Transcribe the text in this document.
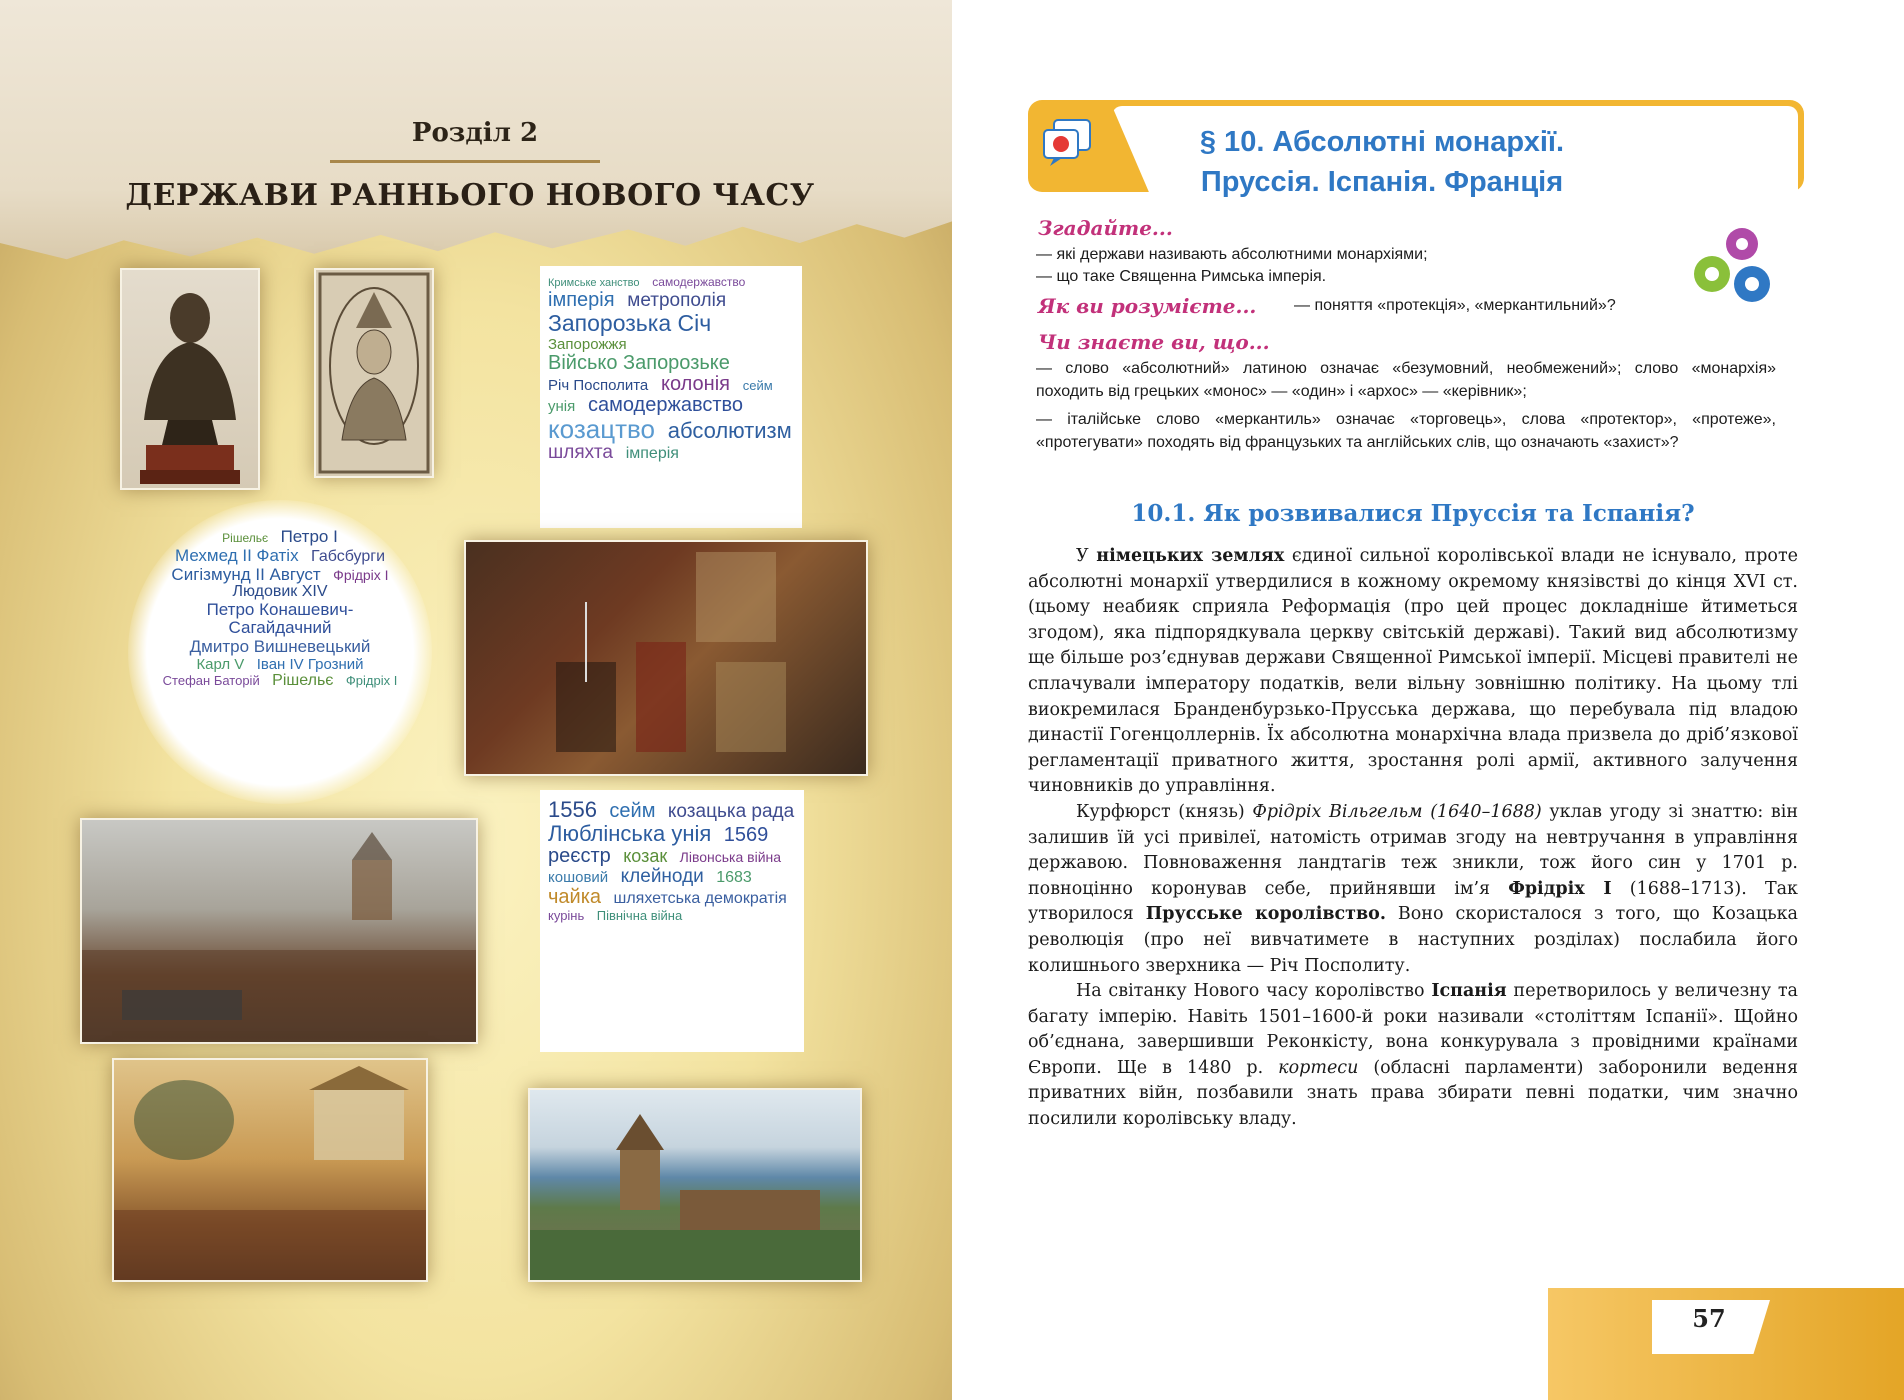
Розділ 2
ДЕРЖАВИ РАННЬОГО НОВОГО ЧАСУ
Кримське ханство самодержавство імперія метрополія Запорозька Січ Запорожжя Військо Запорозьке Річ Посполита колонія сейм унія самодержавство козацтво абсолютизм шляхта імперія
Рішельє Петро І Мехмед II Фатіх Габсбурги Сигізмунд II Август Фрідріх І Людовик XIV Петро Конашевич-Сагайдачний Дмитро Вишневецький Карл V Іван IV Грозний Стефан Баторій Рішельє Фрідріх І
1556 сейм козацька рада Люблінська унія 1569 реєстр козак Лівонська війна кошовий клейноди 1683 чайка шляхетська демократія курінь Північна війна
§ 10. Абсолютні монархії.
Пруссія. Іспанія. Франція
Згадайте...
— які держави називають абсолютними монархіями;
— що таке Священна Римська імперія.
Як ви розумієте... — поняття «протекція», «меркантильний»?
Чи знаєте ви, що...
— слово «абсолютний» латиною означає «безумовний, необмежений»; слово «монархія» походить від грецьких «монос» — «один» і «архос» — «керівник»;
— італійське слово «меркантиль» означає «торговець», слова «протектор», «протеже», «протегувати» походять від французьких та англійських слів, що означають «захист»?
10.1. Як розвивалися Пруссія та Іспанія?

У німецьких землях єдиної сильної королівської влади не існувало, проте абсолютні монархії утвердилися в кожному окремому князівстві до кінця XVI ст. (цьому неабияк сприяла Реформація (про цей процес докладніше йтиметься згодом), яка підпорядкувала церкву світській державі). Такий вид абсолютизму ще більше роз’єднував держави Священної Римської імперії. Місцеві правителі не сплачували імператору податків, вели вільну зовнішню політику. На цьому тлі виокремилася Бранденбурзько-Прусська держава, що перебувала під владою династії Гогенцоллернів. Їх абсолютна монархічна влада призвела до дріб’язкової регламентації приватного життя, зростання ролі армії, активного залучення чиновників до управління.

Курфюрст (князь) Фрідріх Вільгельм (1640–1688) уклав угоду зі знаттю: він залишив їй усі привілеї, натомість отримав згоду на невтручання в управління державою. Повноваження ландтагів теж зникли, тож його син у 1701 р. повноцінно коронував себе, прийнявши ім’я Фрідріх І (1688–1713). Так утворилося Прусське королівство. Воно скористалося з того, що Козацька революція (про неї вивчатимете в наступних розділах) послабила його колишнього зверхника — Річ Посполиту.

На світанку Нового часу королівство Іспанія перетворилось у величезну та багату імперію. Навіть 1501–1600-й роки називали «століттям Іспанії». Щойно об’єднана, завершивши Реконкісту, вона конкурувала з провідними країнами Європи. Ще в 1480 р. кортеси (обласні парламенти) заборонили ведення приватних війн, позбавили знать права збирати певні податки, чим значно посилили королівську владу.

57
